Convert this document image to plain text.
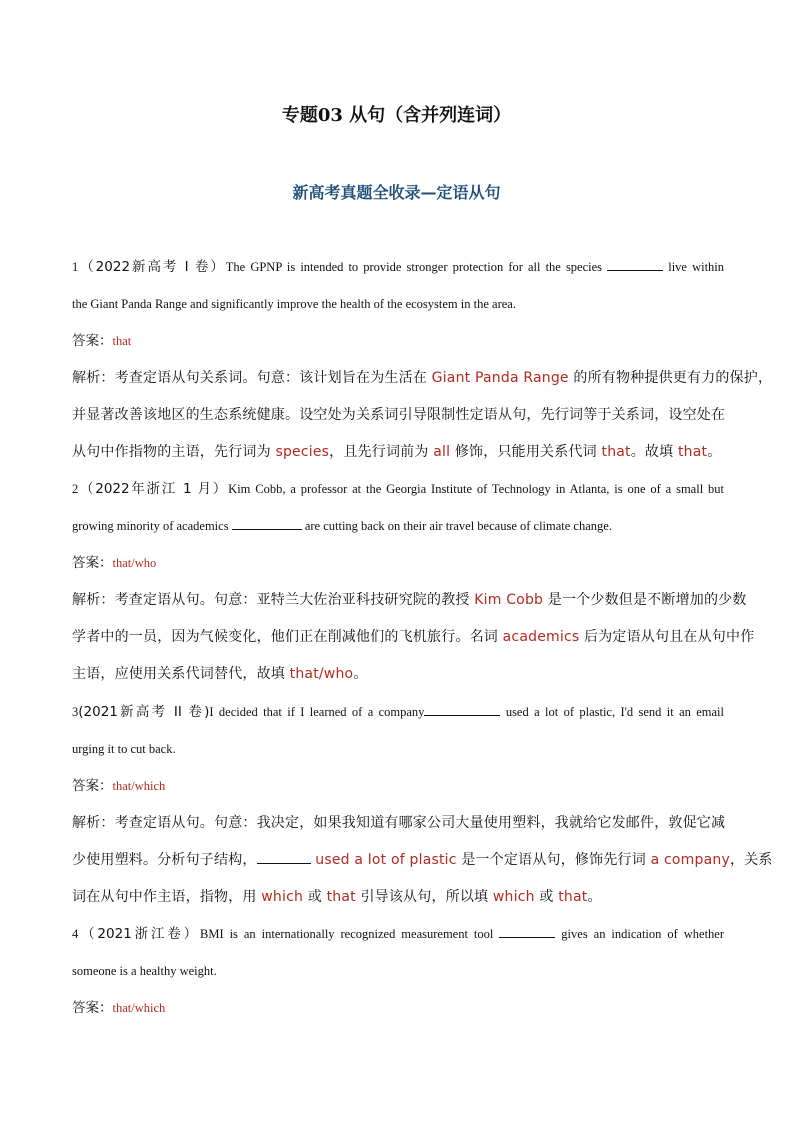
专题03 从句（含并列连词）
新高考真题全收录—定语从句
1（2022新高考 I 卷）The GPNP is intended to provide stronger protection for all the species	live within
the Giant Panda Range and significantly improve the health of the ecosystem in the area.
答案：that
解析：考查定语从句关系词。句意：该计划旨在为生活在 Giant Panda Range 的所有物种提供更有力的保护，
并显著改善该地区的生态系统健康。设空处为关系词引导限制性定语从句，先行词等于关系词，设空处在
从句中作指物的主语，先行词为 species，且先行词前为 all 修饰，只能用关系代词 that。故填 that。
2（2022年浙江 1 月）Kim Cobb, a professor at the Georgia Institute of Technology in Atlanta, is one of a small but
growing minority of academics	are cutting back on their air travel because of climate change.
答案：that/who
解析：考查定语从句。句意：亚特兰大佐治亚科技研究院的教授 Kim Cobb 是一个少数但是不断增加的少数
学者中的一员，因为气候变化，他们正在削减他们的飞机旅行。名词 academics 后为定语从句且在从句中作
主语，应使用关系代词替代，故填 that/who。
3(2021新高考 II 卷)I decided that if I learned of a company	used a lot of plastic, I'd send it an email
urging it to cut back.
答案：that/which
解析：考查定语从句。句意：我决定，如果我知道有哪家公司大量使用塑料，我就给它发邮件，敦促它减
少使用塑料。分析句子结构，	used a lot of plastic 是一个定语从句，修饰先行词 a company，关系
词在从句中作主语，指物，用 which 或 that 引导该从句，所以填 which 或 that。
4（2021浙江卷）BMI is an internationally recognized measurement tool	gives an indication of whether
someone is a healthy weight.
答案：that/which
